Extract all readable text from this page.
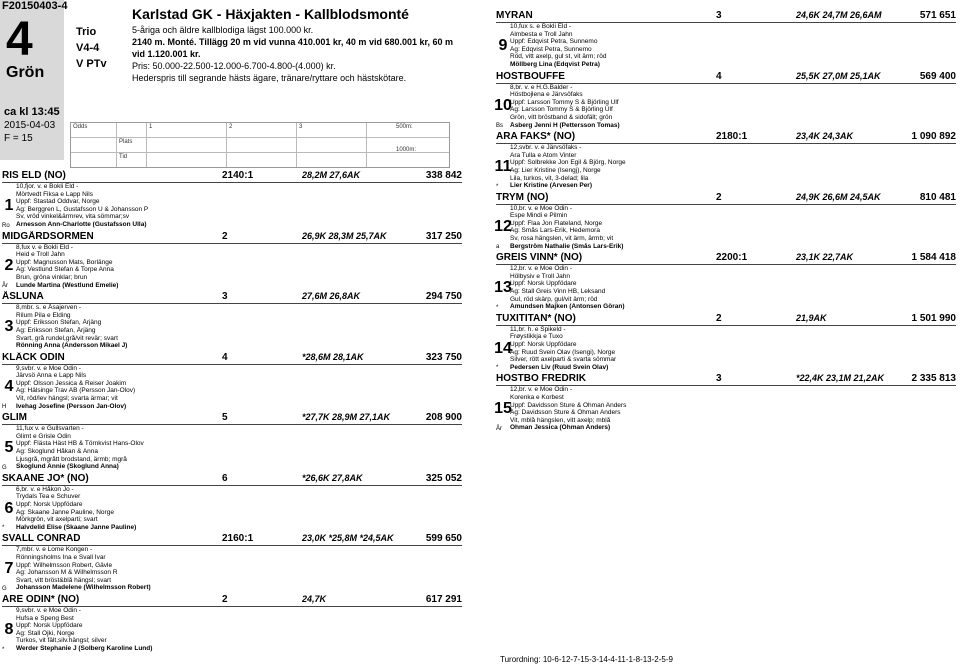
F20150403-4
4
Grön
Trio
V4-4
V PTv
Karlstad GK - Häxjakten - Kallblodsmonté
5-åriga och äldre kallblodiga lägst 100.000 kr.
2140 m. Monté. Tillägg 20 m vid vunna 410.001 kr, 40 m vid 680.001 kr, 60 m vid 1.120.001 kr.
Pris: 50.000-22.500-12.000-6.700-4.800-(4.000) kr.
Hederspris till segrande hästs ägare, tränare/ryttare och hästskötare.
ca kl 13:45
2015-04-03
F = 15
Odds
Plats
Tid
1	2	3	500m:
1000m:
RIS ELD (NO)	2140:1	28,2M 27,6AK	338 842
1
Ro
10,fjor. v. e Bokli Eld -
Mörtvedt Fiksa e Lapp Nils
Uppf: Stastad Oddvar, Norge
Äg: Berggren L, Gustafsson U & Johansson P
Sv, vröd vinkel&ärmrev, vita sömmar;sv
Arnesson Ann-Charlotte (Gustafsson Ulla)
MIDGÅRDSORMEN	2	26,9K 28,3M 25,7AK	317 250
2
År
8,fux v. e Bokli Eld -
Heid e Troll Jahn
Uppf: Magnusson Mats, Borlänge
Äg: Vestlund Stefan & Torpe Anna
Brun, gröna vinklar; brun
Lunde Martina (Westlund Emelie)
ÅSLUNA	3	27,6M 26,8AK	294 750
3
8,mbr. s. e Åsajerven -
Rilum Pila e Elding
Uppf: Eriksson Stefan, Årjäng
Äg: Eriksson Stefan, Årjäng
Svart, grå rundel,grå/vit revär; svart
Rönning Anna (Andersson Mikael J)
KLÄCK ODIN	4	*28,6M 28,1AK	323 750
4
H
9,svbr. v. e Moe Odin -
Järvsö Anna e Lapp Nils
Uppf: Olsson Jessica & Reiser Joakim
Äg: Hälsinge Trav AB (Persson Jan-Olov)
Vit, röd/lev hängsl; svarta ärmar; vit
Ivehag Josefine (Persson Jan-Olov)
GLIM	5	*27,7K 28,9M 27,1AK	208 900
5
G
11,fux v. e Gullsvarten -
Glimt e Grisle Odin
Uppf: Flästa Häst HB & Törnkvist Hans-Olov
Äg: Skoglund Håkan & Anna
Ljusgrå, mgrått brodstand, ärmb; mgrå
Skoglund Annie (Skoglund Anna)
SKAANE JO* (NO)	6	*26,6K 27,8AK	325 052
6
*
6,br. v. e Håkon Jo -
Trydals Tea e Schuver
Uppf: Norsk Uppfödare
Äg: Skaane Janne Pauline, Norge
Mörkgrön, vit axelparti; svart
Halvdelid Elise (Skaane Janne Pauline)
SVALL CONRAD	2160:1	23,0K *25,8M *24,5AK	599 650
7
G
7,mbr. v. e Lome Kongen -
Rönningsholms Ina e Svall Ivar
Uppf: Wilhelmsson Robert, Gävle
Äg: Johansson M & Wilhelmsson R
Svart, vitt bröst&blå hängsl; svart
Johansson Madelene (Wilhelmsson Robert)
ARE ODIN* (NO)	2	24,7K	617 291
8
*
9,svbr. v. e Moe Odin -
Hufsa e Speng Best
Uppf: Norsk Uppfödare
Äg: Stall Ojki, Norge
Turkos, vit fält,silv.hängsl; silver
Werder Stephanie J (Solberg Karoline Lund)
MYRAN	3	24,6K 24,7M 26,6AM	571 651
9
10,fux s. e Bokli Eld -
Almbesta e Troll Jahn
Uppf: Edqvist Petra, Sunnemo
Äg: Edqvist Petra, Sunnemo
Röd, vitt axelp, gul st, vit ärm; röd
Möllberg Lina (Edqvist Petra)
HÖSTBOUFFE	4	25,5K 27,0M 25,1AK	569 400
10
Bs
8,br. v. e H.G.Balder -
Höstbojlena e Järvsöfaks
Uppf: Larsson Tommy S & Björling Ulf
Äg: Larsson Tommy S & Björling Ulf
Grön, vitt bröstband & sidofält; grön
Åsberg Jenni H (Pettersson Tomas)
ARA FAKS* (NO)	2180:1	23,4K 24,3AK	1 090 892
11
*
12,svbr. v. e Järvsöfaks -
Ara Tulla e Atom Vinter
Uppf: Solbrekke Jon Egil & Björg, Norge
Äg: Lier Kristine (Isengj), Norge
Lila, turkos, vit, 3-delad; lila
Lier Kristine (Arvesen Per)
TRYM (NO)	2	24,9K 26,6M 24,5AK	810 481
12
a
10,br. v. e Moe Odin -
Espe Mindi e Pilmin
Uppf: Flaa Jon Flateland, Norge
Äg: Smås Lars-Erik, Hedemora
Sv, rosa hängslen, vit ärm, ärmb; vit
Bergström Nathalie (Smås Lars-Erik)
GREIS VINN* (NO)	2200:1	23,1K 22,7AK	1 584 418
13
*
12,br. v. e Moe Odin -
Hölbysiv e Troll Jahn
Uppf: Norsk Uppfödare
Äg: Stall Greis Vinn HB, Leksand
Gul, röd skärp, gul/vit ärm; röd
Amundsen Majken (Antonsen Göran)
TUXITITAN* (NO)	2	21,9AK	1 501 990
14
*
11,br. h. e Spikeld -
Frøystikkja e Tuxo
Uppf: Norsk Uppfödare
Äg: Ruud Svein Olav (Isengi), Norge
Silver, rött axelparti & svarta sömmar
Pedersen Liv (Ruud Svein Olav)
HÖSTBO FREDRIK	3	*22,4K 23,1M 21,2AK	2 335 813
15
År
12,br. v. e Moe Odin -
Korenka e Korbest
Uppf: Davidsson Sture & Öhman Anders
Äg: Davidsson Sture & Öhman Anders
Vit, mblå hängslen, vitt axelp; mblå
Öhman Jessica (Öhman Anders)
Turordning: 10-6-12-7-15-3-14-4-11-1-8-13-2-5-9
